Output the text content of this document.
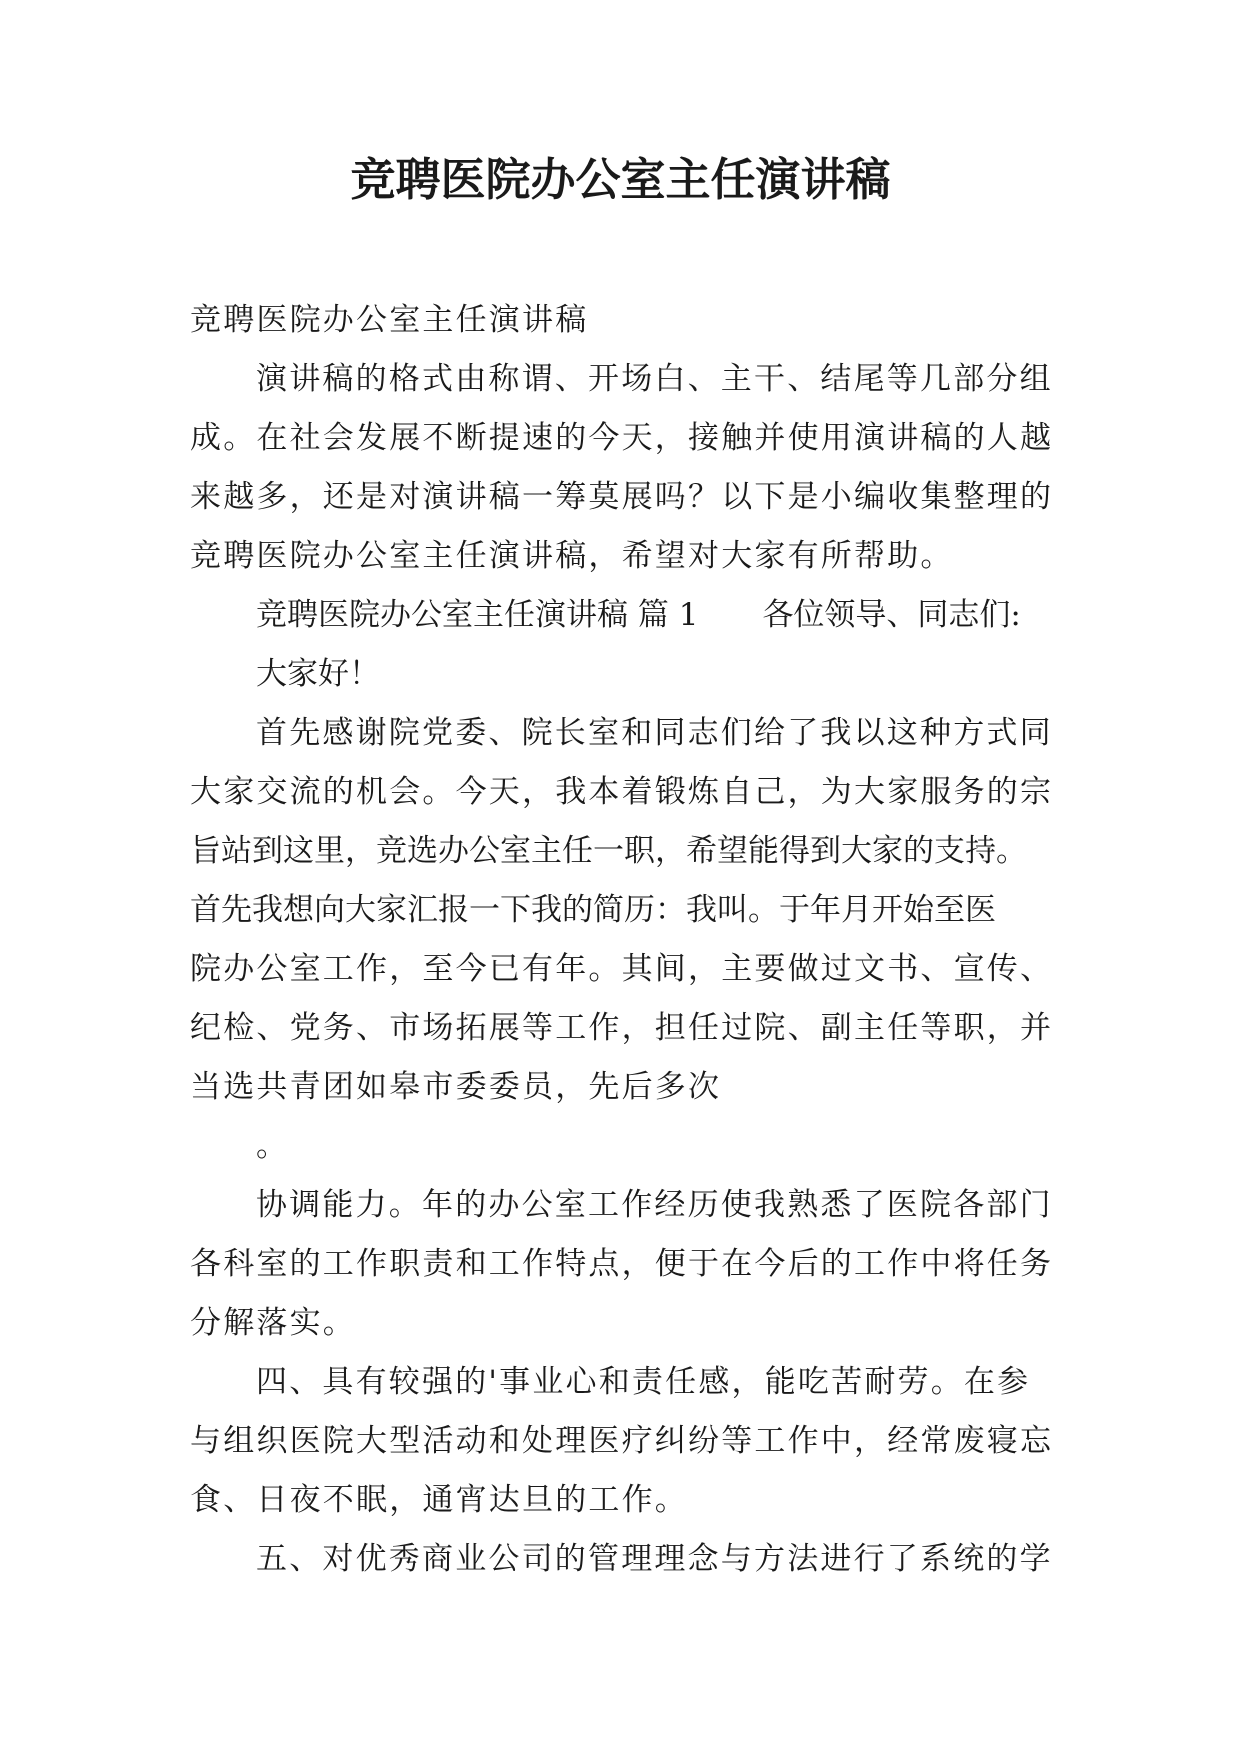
竞聘医院办公室主任演讲稿
竞聘医院办公室主任演讲稿
演讲稿的格式由称谓、开场白、主干、结尾等几部分组
成。在社会发展不断提速的今天，接触并使用演讲稿的人越
来越多，还是对演讲稿一筹莫展吗？以下是小编收集整理的
竞聘医院办公室主任演讲稿，希望对大家有所帮助。
竞聘医院办公室主任演讲稿 篇 1 各位领导、同志们:
大家好！
首先感谢院党委、院长室和同志们给了我以这种方式同
大家交流的机会。今天，我本着锻炼自己，为大家服务的宗
旨站到这里，竞选办公室主任一职，希望能得到大家的支持。
首先我想向大家汇报一下我的简历：我叫。于年月开始至医
院办公室工作，至今已有年。其间，主要做过文书、宣传、
纪检、党务、市场拓展等工作，担任过院、副主任等职，并
当选共青团如皋市委委员，先后多次
。
协调能力。年的办公室工作经历使我熟悉了医院各部门
各科室的工作职责和工作特点，便于在今后的工作中将任务
分解落实。
四、具有较强的'事业心和责任感，能吃苦耐劳。在参
与组织医院大型活动和处理医疗纠纷等工作中，经常废寝忘
食、日夜不眠，通宵达旦的工作。
五、对优秀商业公司的管理理念与方法进行了系统的学
